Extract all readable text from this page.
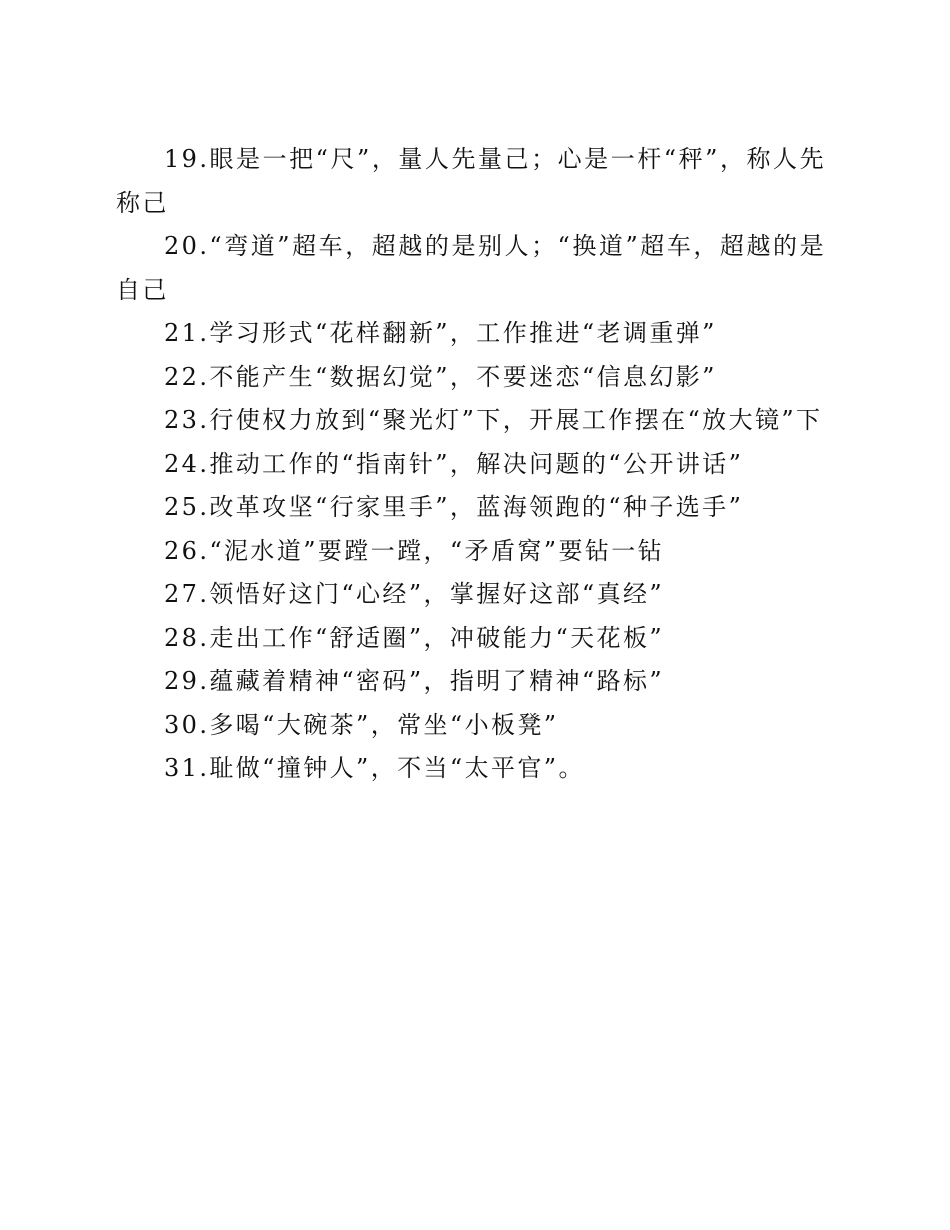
19.眼是一把“尺”，量人先量己；心是一杆“秤”，称人先称己

20.“弯道”超车，超越的是别人；“换道”超车，超越的是自己

21.学习形式“花样翻新”，工作推进“老调重弹”

22.不能产生“数据幻觉”，不要迷恋“信息幻影”

23.行使权力放到“聚光灯”下，开展工作摆在“放大镜”下

24.推动工作的“指南针”，解决问题的“公开讲话”

25.改革攻坚“行家里手”，蓝海领跑的“种子选手”

26.“泥水道”要蹚一蹚，“矛盾窝”要钻一钻

27.领悟好这门“心经”，掌握好这部“真经”

28.走出工作“舒适圈”，冲破能力“天花板”

29.蕴藏着精神“密码”，指明了精神“路标”

30.多喝“大碗茶”，常坐“小板凳”

31.耻做“撞钟人”，不当“太平官”。
